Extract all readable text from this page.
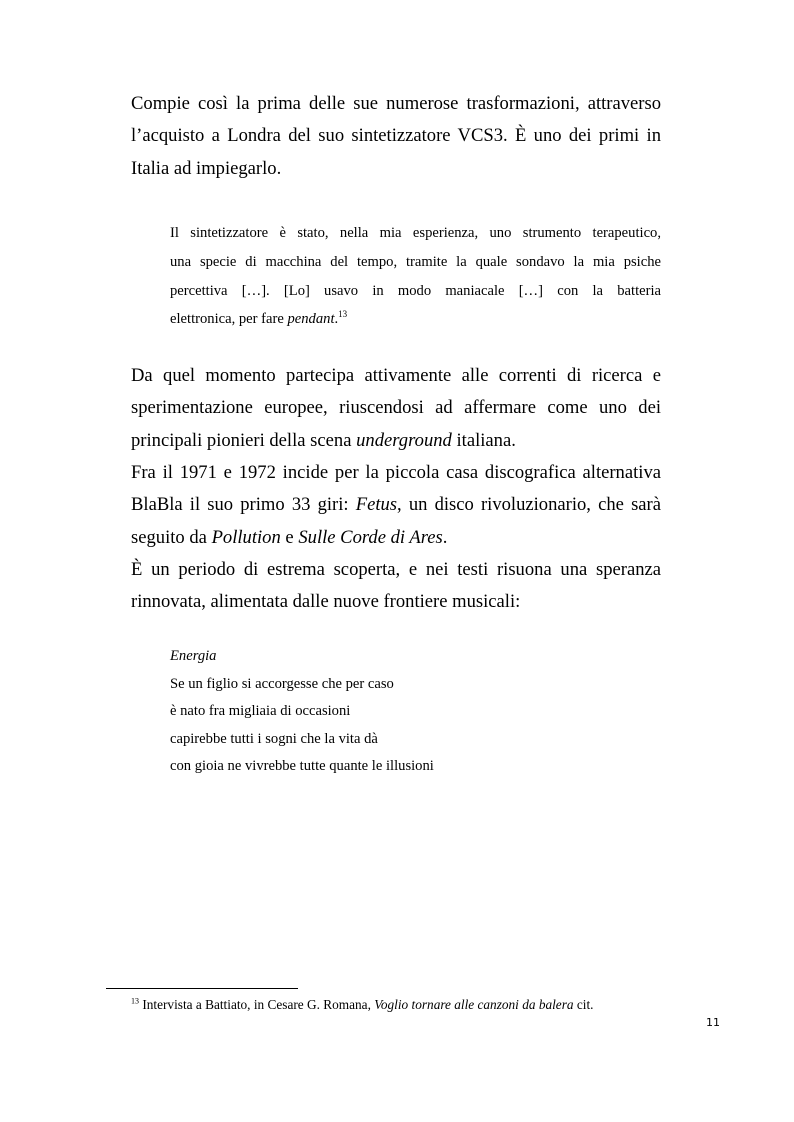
Compie così la prima delle sue numerose trasformazioni, attraverso
l’acquisto a Londra del suo sintetizzatore VCS3. È uno dei primi in
Italia ad impiegarlo.
Il sintetizzatore è stato, nella mia esperienza, uno strumento terapeutico,
una specie di macchina del tempo, tramite la quale sondavo la mia psiche
percettiva […]. [Lo] usavo in modo maniacale […] con la batteria
elettronica, per fare pendant.$^{13}$
Da quel momento partecipa attivamente alle correnti di ricerca e
sperimentazione europee, riuscendosi ad affermare come uno dei
principali pionieri della scena underground italiana.
Fra il 1971 e 1972 incide per la piccola casa discografica alternativa
BlaBla il suo primo 33 giri: Fetus, un disco rivoluzionario, che sarà
seguito da Pollution e Sulle Corde di Ares.
È un periodo di estrema scoperta, e nei testi risuona una speranza
rinnovata, alimentata dalle nuove frontiere musicali:
Energia
Se un figlio si accorgesse che per caso
è nato fra migliaia di occasioni
capirebbe tutti i sogni che la vita dà
con gioia ne vivrebbe tutte quante le illusioni
$^{13}$ Intervista a Battiato, in Cesare G. Romana, Voglio tornare alle canzoni da balera cit.
11
